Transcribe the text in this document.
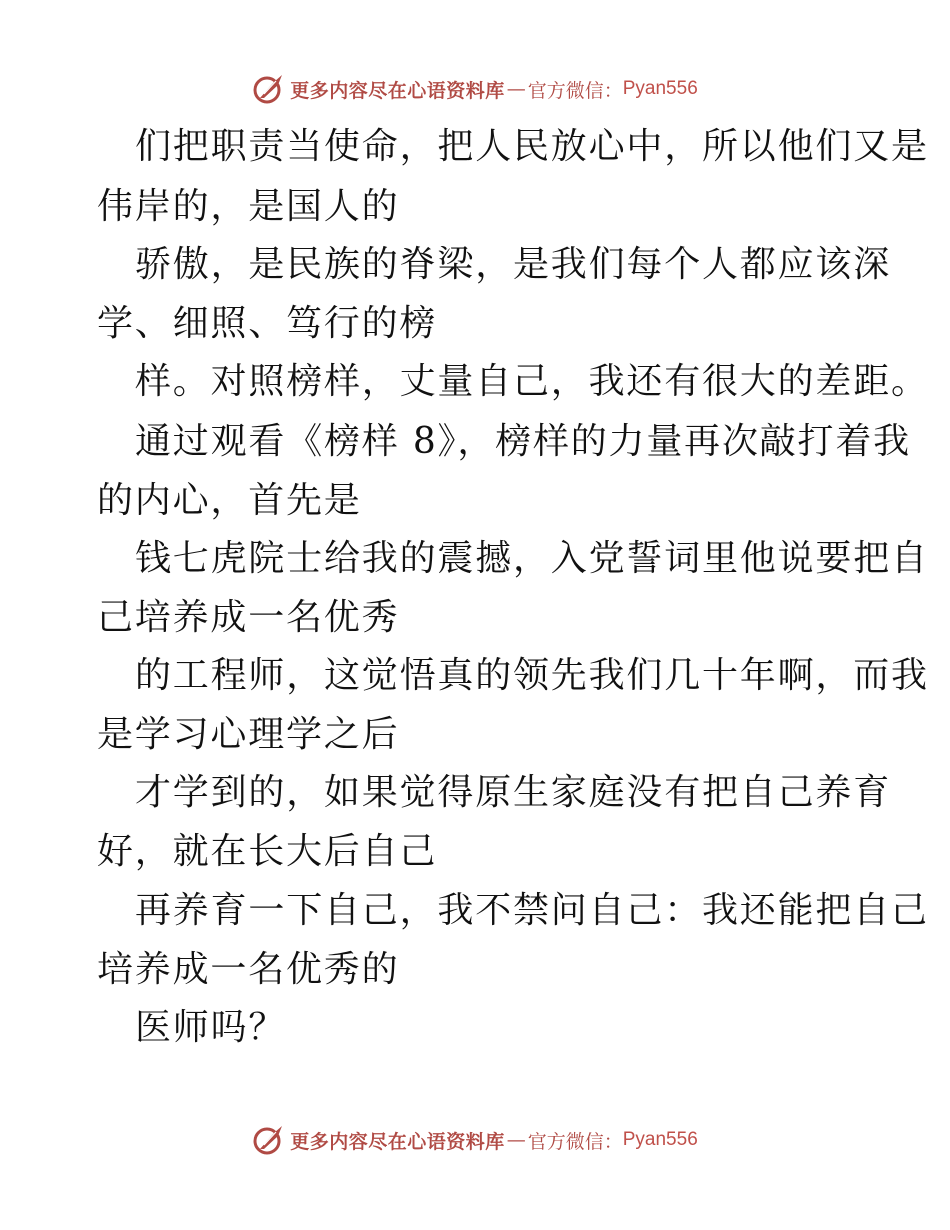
更多内容尽在心语资料库 — 官方微信： Pyan556
们把职责当使命，把人民放心中，所以他们又是
伟岸的，是国人的
骄傲，是民族的脊梁，是我们每个人都应该深
学、细照、笃行的榜
样。对照榜样，丈量自己，我还有很大的差距。
通过观看《榜样 8》，榜样的力量再次敲打着我
的内心，首先是
钱七虎院士给我的震撼，入党誓词里他说要把自
己培养成一名优秀
的工程师，这觉悟真的领先我们几十年啊，而我
是学习心理学之后
才学到的，如果觉得原生家庭没有把自己养育
好，就在长大后自己
再养育一下自己，我不禁问自己：我还能把自己
培养成一名优秀的
医师吗？
更多内容尽在心语资料库 — 官方微信： Pyan556
